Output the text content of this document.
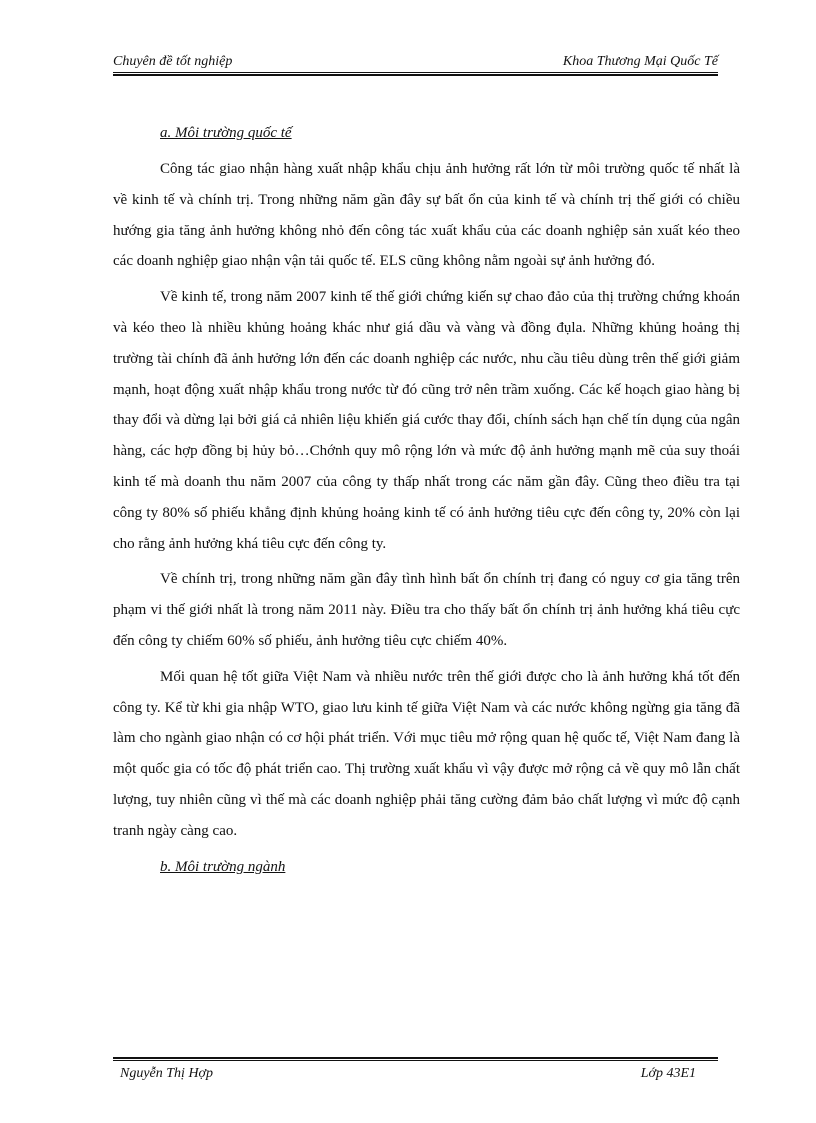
Chuyên đề tốt nghiệp	Khoa Thương Mại Quốc Tế
a. Môi trường quốc tế

Công tác giao nhận hàng xuất nhập khẩu chịu ảnh hưởng rất lớn từ môi trường quốc tế nhất là về kinh tế và chính trị. Trong những năm gần đây sự bất ổn của kinh tế và chính trị thế giới có chiều hướng gia tăng ảnh hưởng không nhỏ đến công tác xuất khẩu của các doanh nghiệp sản xuất kéo theo các doanh nghiệp giao nhận vận tải quốc tế. ELS cũng không nằm ngoài sự ảnh hưởng đó.

Về kinh tế, trong năm 2007 kinh tế thế giới chứng kiến sự chao đảo của thị trường chứng khoán và kéo theo là nhiều khủng hoảng khác như giá dầu và vàng và đồng đụla. Những khủng hoảng thị trường tài chính đã ảnh hưởng lớn đến các doanh nghiệp các nước, nhu cầu tiêu dùng trên thế giới giảm mạnh, hoạt động xuất nhập khẩu trong nước từ đó cũng trở nên trầm xuống. Các kế hoạch giao hàng bị thay đổi và dừng lại bởi giá cả nhiên liệu khiến giá cước thay đổi, chính sách hạn chế tín dụng của ngân hàng, các hợp đồng bị hủy bỏ…Chớnh quy mô rộng lớn và mức độ ảnh hưởng mạnh mẽ của suy thoái kinh tế mà doanh thu năm 2007 của công ty thấp nhất trong các năm gần đây. Cũng theo điều tra tại công ty 80% số phiếu khẳng định khủng hoảng kinh tế có ảnh hưởng tiêu cực đến công ty, 20% còn lại cho rằng ảnh hưởng khá tiêu cực đến công ty.

Về chính trị, trong những năm gần đây tình hình bất ổn chính trị đang có nguy cơ gia tăng trên phạm vi thế giới nhất là trong năm 2011 này. Điều tra cho thấy bất ổn chính trị ảnh hưởng khá tiêu cực đến công ty chiếm 60% số phiếu, ảnh hưởng tiêu cực chiếm 40%.

Mối quan hệ tốt giữa Việt Nam và nhiều nước trên thế giới được cho là ảnh hưởng khá tốt đến công ty. Kể từ khi gia nhập WTO, giao lưu kinh tế giữa Việt Nam và các nước không ngừng gia tăng đã làm cho ngành giao nhận có cơ hội phát triển. Với mục tiêu mở rộng quan hệ quốc tế, Việt Nam đang là một quốc gia có tốc độ phát triển cao. Thị trường xuất khẩu vì vậy được mở rộng cả về quy mô lẫn chất lượng, tuy nhiên cũng vì thế mà các doanh nghiệp phải tăng cường đảm bảo chất lượng vì mức độ cạnh tranh ngày càng cao.

b. Môi trường ngành
Nguyễn Thị Hợp	Lớp 43E1
